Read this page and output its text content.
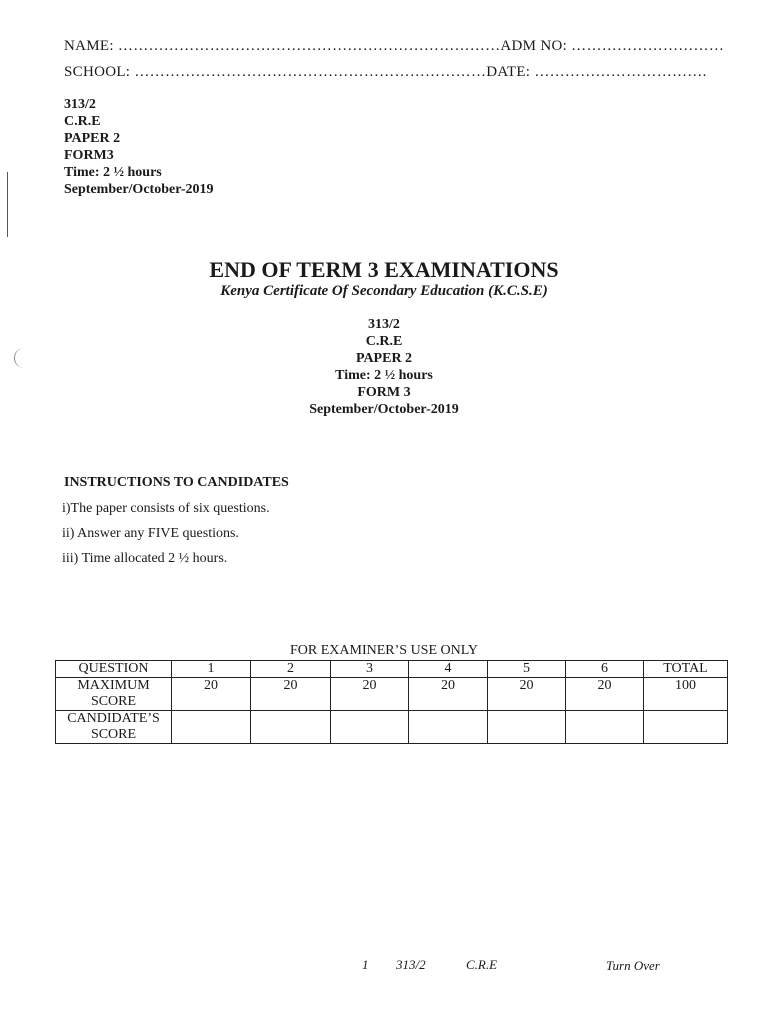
NAME: …………………………………………………………………ADM NO: …………………………
SCHOOL: ……………………………………………………………DATE: …………………………….
313/2
C.R.E
PAPER 2
FORM3
Time: 2 ½ hours
September/October-2019
END OF TERM 3 EXAMINATIONS
Kenya Certificate Of Secondary Education (K.C.S.E)
313/2
C.R.E
PAPER 2
Time: 2 ½ hours
FORM 3
September/October-2019
INSTRUCTIONS TO CANDIDATES
i)The paper consists of six questions.
ii) Answer any FIVE questions.
iii) Time allocated 2 ½ hours.
FOR EXAMINER’S USE ONLY
QUESTION	1	2	3	4	5	6	TOTAL
MAXIMUM SCORE	20	20	20	20	20	20	100
CANDIDATE’S SCORE							
1 313/2	C.R.E	Turn Over
